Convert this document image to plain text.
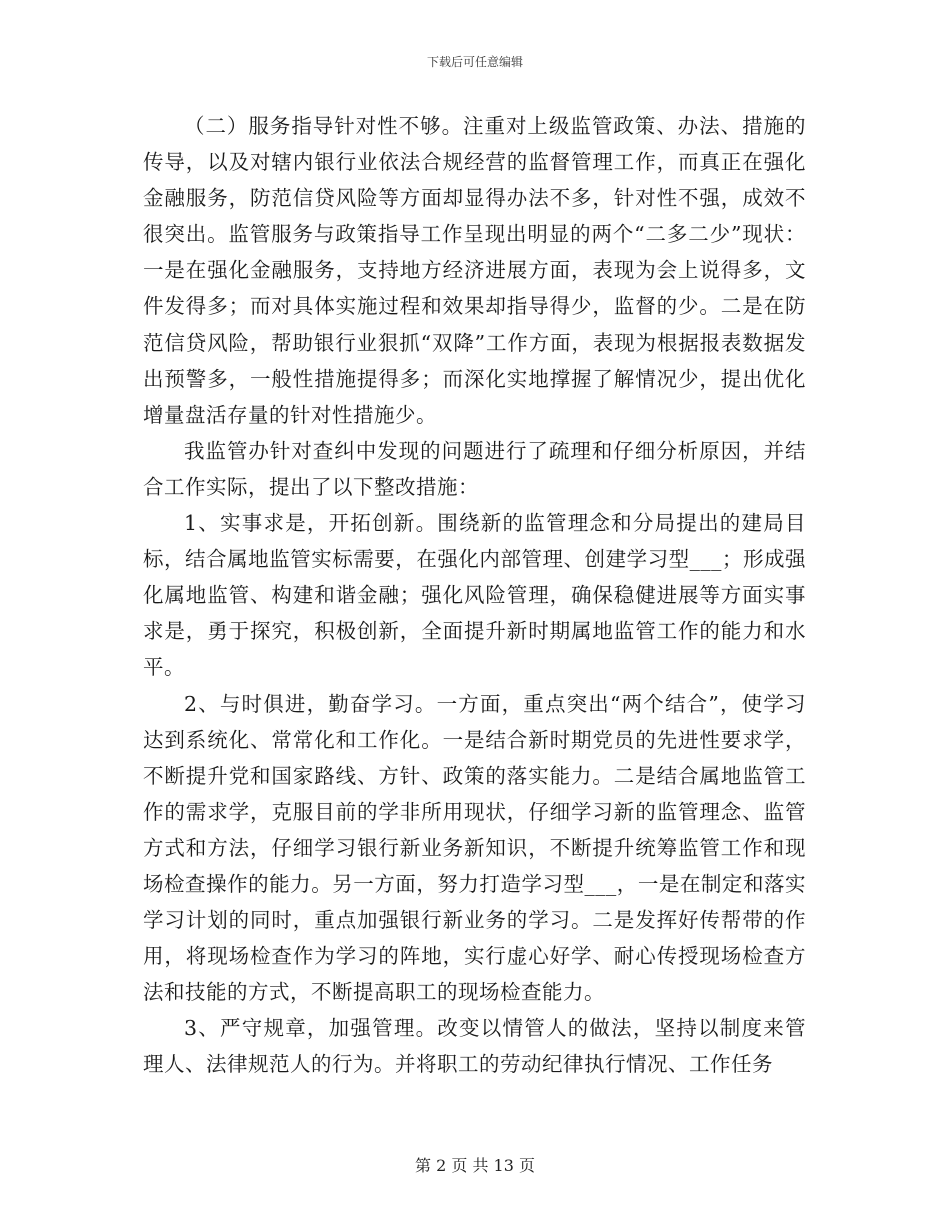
下载后可任意编辑

（二）服务指导针对性不够。注重对上级监管政策、办法、措施的传导，以及对辖内银行业依法合规经营的监督管理工作，而真正在强化金融服务，防范信贷风险等方面却显得办法不多，针对性不强，成效不很突出。监管服务与政策指导工作呈现出明显的两个“二多二少”现状：一是在强化金融服务，支持地方经济进展方面，表现为会上说得多，文件发得多；而对具体实施过程和效果却指导得少，监督的少。二是在防范信贷风险，帮助银行业狠抓“双降”工作方面，表现为根据报表数据发出预警多，一般性措施提得多；而深化实地撑握了解情况少，提出优化增量盘活存量的针对性措施少。

我监管办针对查纠中发现的问题进行了疏理和仔细分析原因，并结合工作实际，提出了以下整改措施：

1、实事求是，开拓创新。围绕新的监管理念和分局提出的建局目标，结合属地监管实标需要，在强化内部管理、创建学习型___；形成强化属地监管、构建和谐金融；强化风险管理，确保稳健进展等方面实事求是，勇于探究，积极创新，全面提升新时期属地监管工作的能力和水平。

2、与时俱进，勤奋学习。一方面，重点突出“两个结合”，使学习达到系统化、常常化和工作化。一是结合新时期党员的先进性要求学，不断提升党和国家路线、方针、政策的落实能力。二是结合属地监管工作的需求学，克服目前的学非所用现状，仔细学习新的监管理念、监管方式和方法，仔细学习银行新业务新知识，不断提升统筹监管工作和现场检查操作的能力。另一方面，努力打造学习型___，一是在制定和落实学习计划的同时，重点加强银行新业务的学习。二是发挥好传帮带的作用，将现场检查作为学习的阵地，实行虚心好学、耐心传授现场检查方法和技能的方式，不断提高职工的现场检查能力。

3、严守规章，加强管理。改变以情管人的做法，坚持以制度来管理人、法律规范人的行为。并将职工的劳动纪律执行情况、工作任务

第 2 页 共 13 页
